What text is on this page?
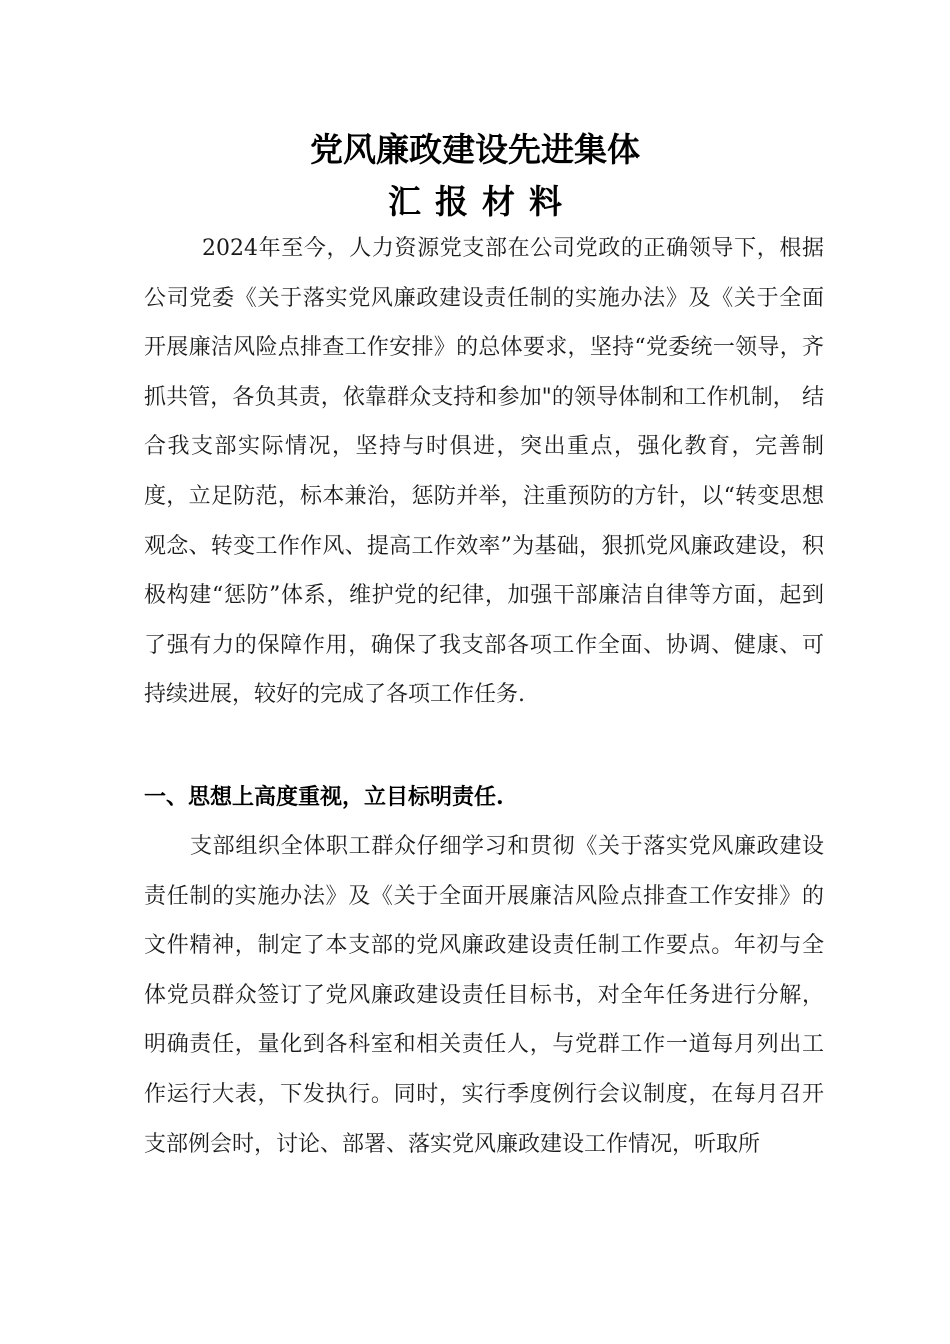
党风廉政建设先进集体
汇报材料

2024年至今，人力资源党支部在公司党政的正确领导下，根据公司党委《关于落实党风廉政建设责任制的实施办法》及《关于全面开展廉洁风险点排查工作安排》的总体要求，坚持“党委统一领导，齐抓共管，各负其责，依靠群众支持和参加"的领导体制和工作机制， 结合我支部实际情况，坚持与时俱进，突出重点，强化教育，完善制度，立足防范，标本兼治，惩防并举，注重预防的方针，以“转变思想观念、转变工作作风、提高工作效率”为基础，狠抓党风廉政建设，积极构建“惩防”体系，维护党的纪律，加强干部廉洁自律等方面，起到了强有力的保障作用，确保了我支部各项工作全面、协调、健康、可持续进展，较好的完成了各项工作任务.

一、思想上高度重视，立目标明责任.

支部组织全体职工群众仔细学习和贯彻《关于落实党风廉政建设责任制的实施办法》及《关于全面开展廉洁风险点排查工作安排》的文件精神，制定了本支部的党风廉政建设责任制工作要点。年初与全体党员群众签订了党风廉政建设责任目标书，对全年任务进行分解，明确责任，量化到各科室和相关责任人，与党群工作一道每月列出工作运行大表，下发执行。同时，实行季度例行会议制度，在每月召开支部例会时，讨论、部署、落实党风廉政建设工作情况，听取所
